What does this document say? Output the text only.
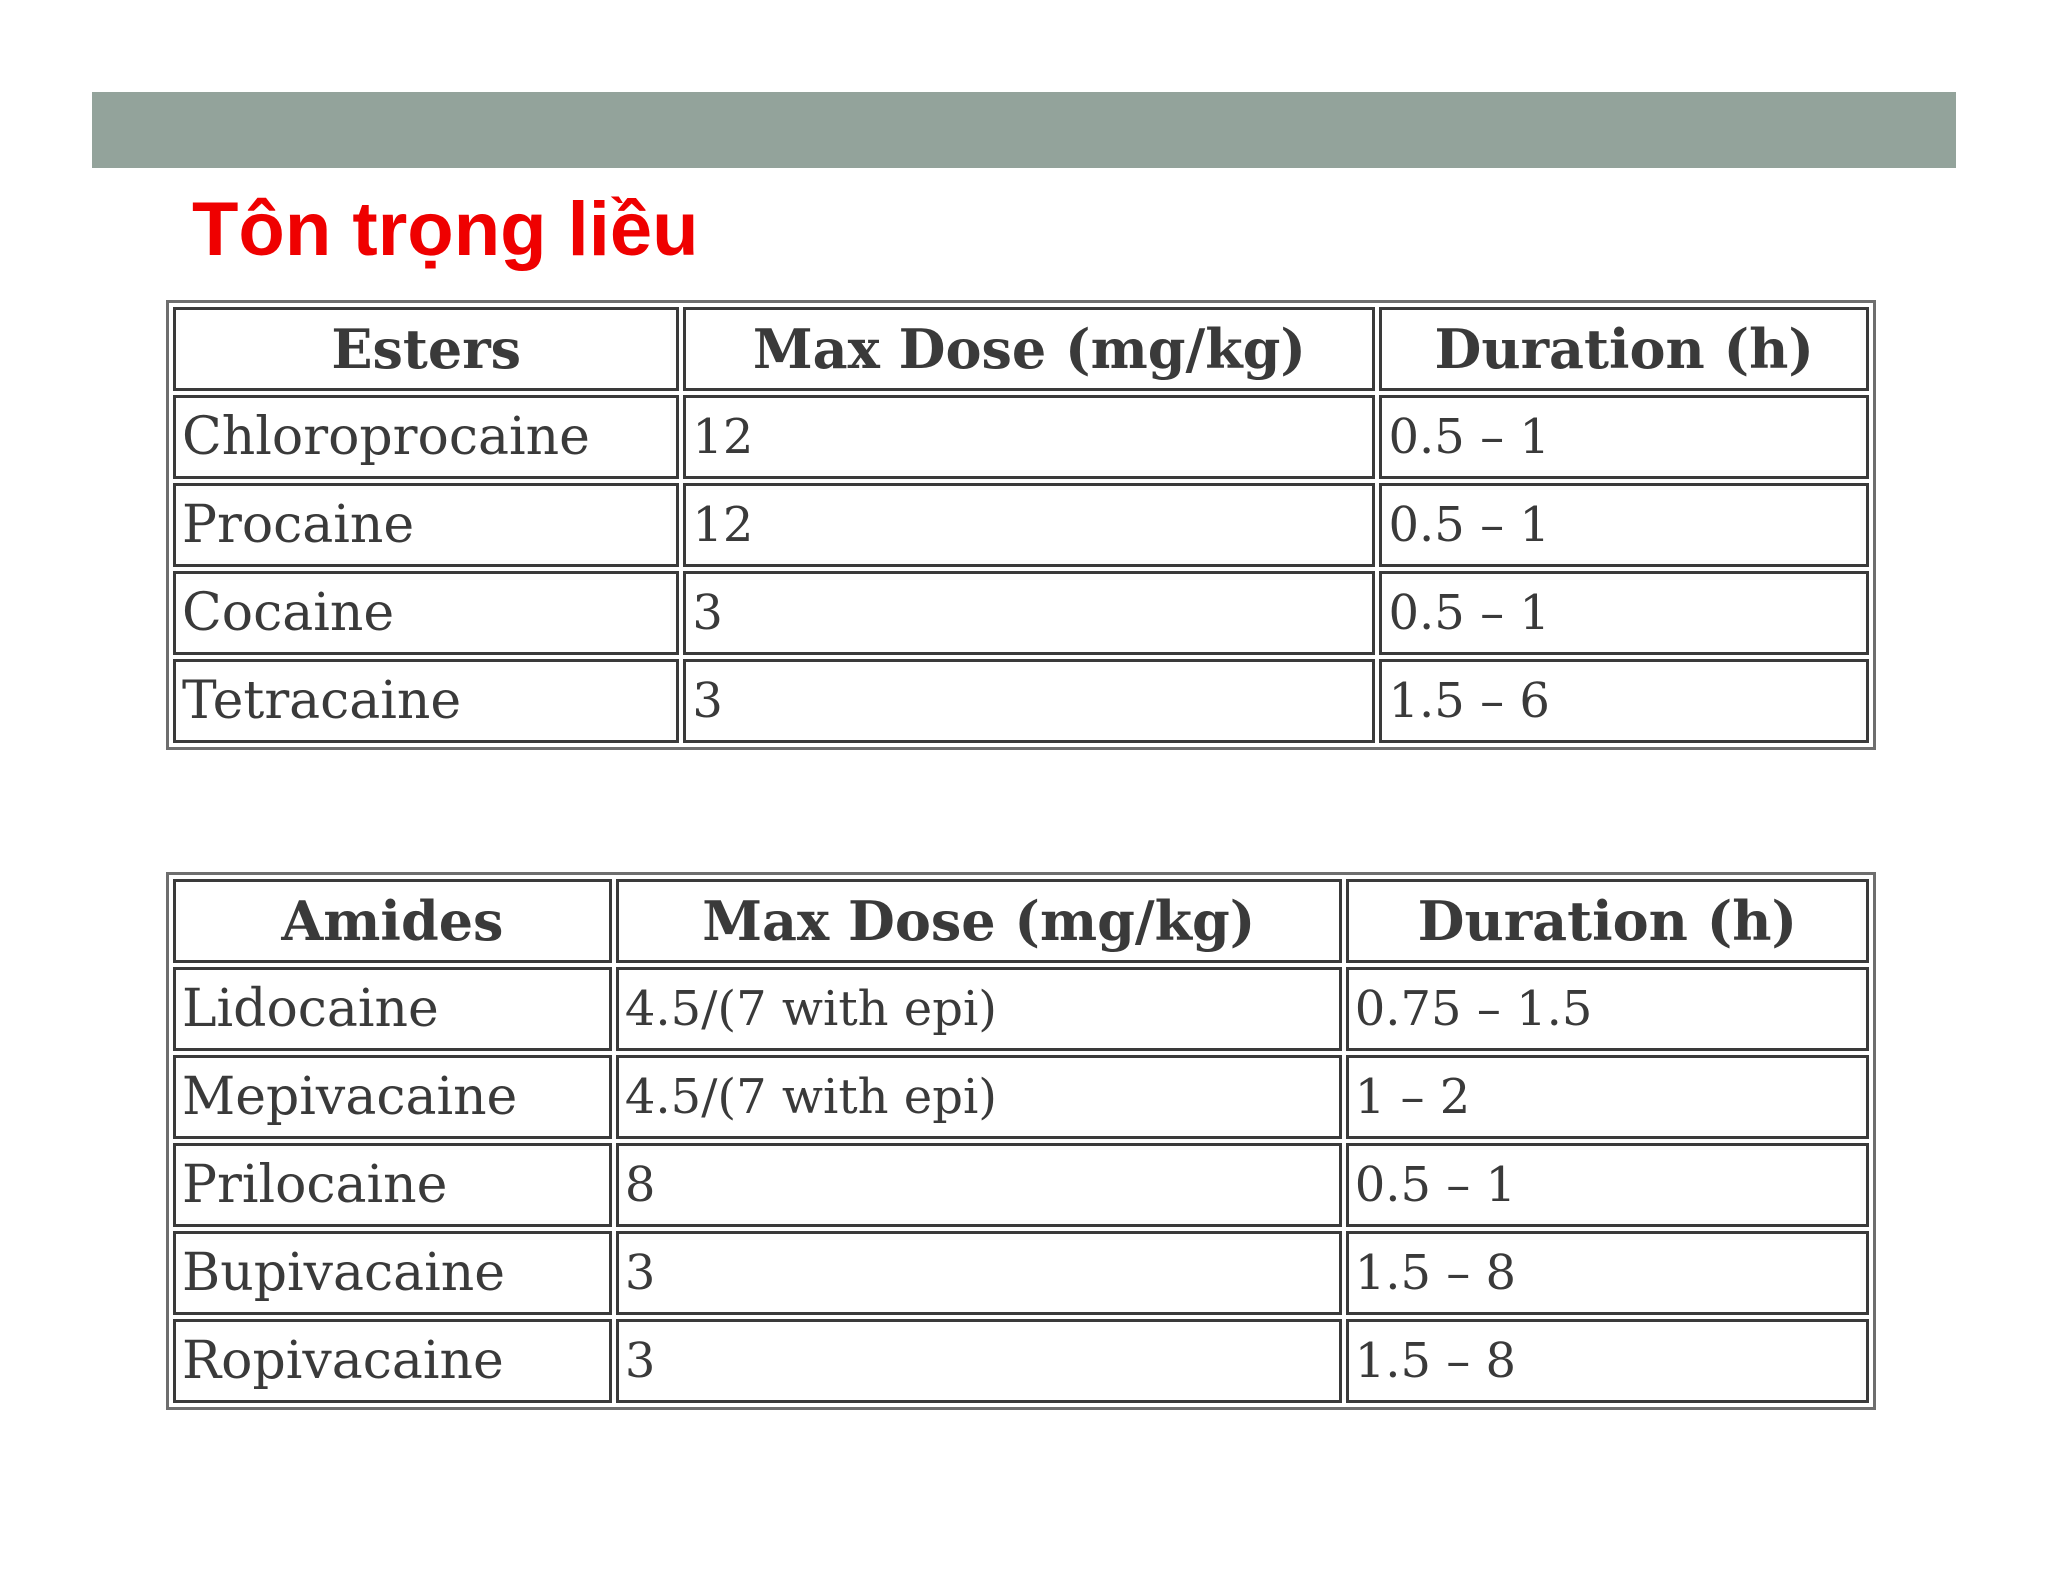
Tôn trọng liều
Esters	Max Dose (mg/kg)	Duration (h)
Chloroprocaine	12	0.5 – 1
Procaine	12	0.5 – 1
Cocaine	3	0.5 – 1
Tetracaine	3	1.5 – 6
Amides	Max Dose (mg/kg)	Duration (h)
Lidocaine	4.5/(7 with epi)	0.75 – 1.5
Mepivacaine	4.5/(7 with epi)	1 – 2
Prilocaine	8	0.5 – 1
Bupivacaine	3	1.5 – 8
Ropivacaine	3	1.5 – 8
